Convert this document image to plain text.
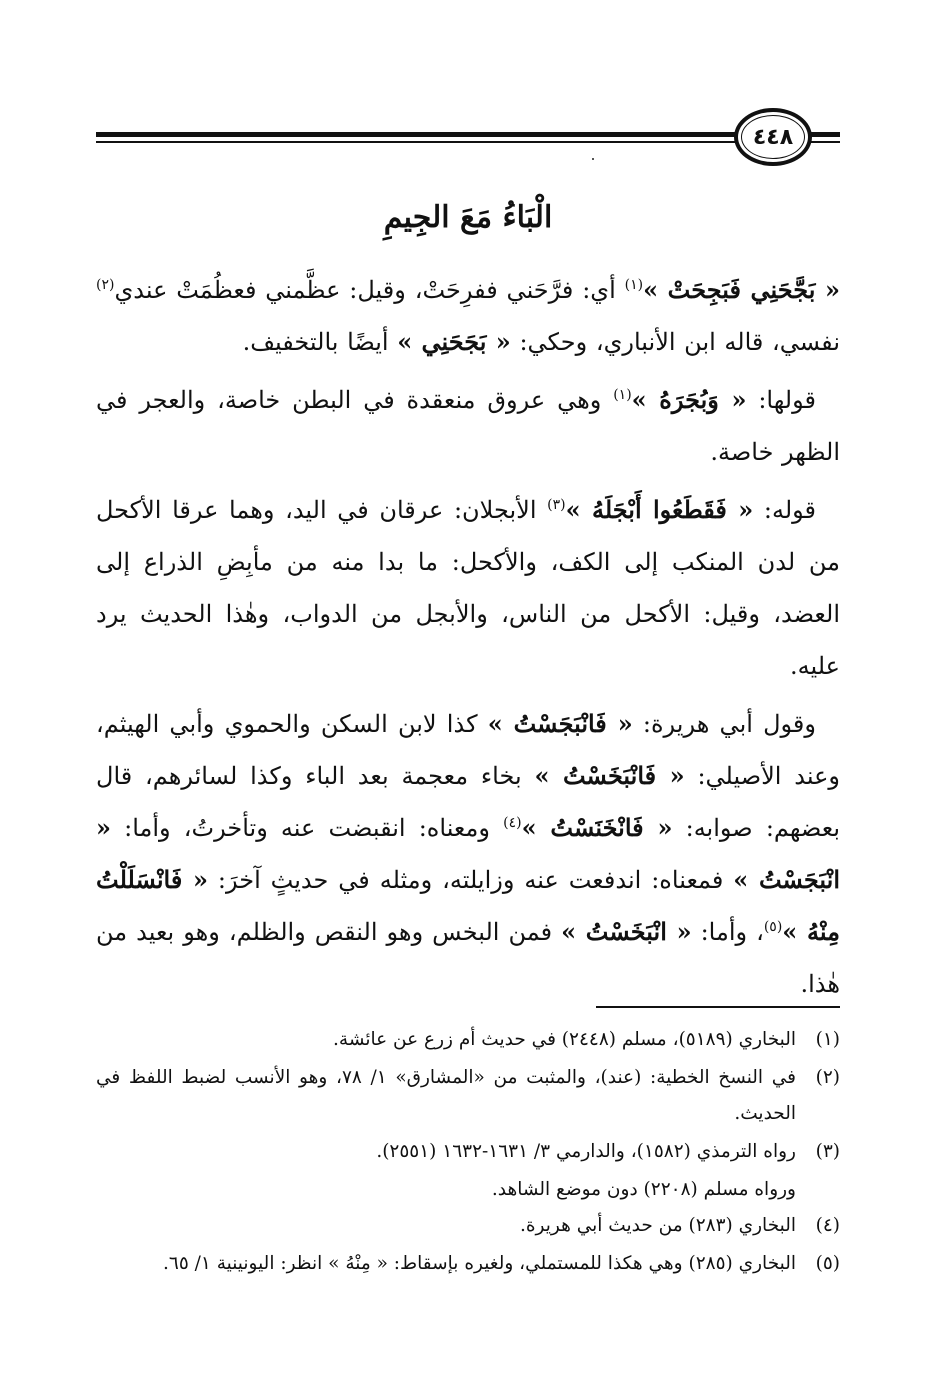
٤٤٨
الْبَاءُ مَعَ الجِيمِ

« بَجَّحَنِي فَبَجِحَتْ »$^{(١)}$ أي: فرَّحَني ففرِحَتْ، وقيل: عظَّمني فعظُمَتْ عندي$^{(٢)}$ نفسي، قاله ابن الأنباري، وحكي: « بَجَحَنِي » أيضًا بالتخفيف.

قولها: « وَبُجَرَهُ »$^{(١)}$ وهي عروق منعقدة في البطن خاصة، والعجر في الظهر خاصة.

قوله: « فَقَطَعُوا أَبْجَلَهُ »$^{(٣)}$ الأبجلان: عرقان في اليد، وهما عرقا الأكحل من لدن المنكب إلى الكف، والأكحل: ما بدا منه من مأبِضِ الذراع إلى العضد، وقيل: الأكحل من الناس، والأبجل من الدواب، وهٰذا الحديث يرد عليه.

وقول أبي هريرة: « فَانْبَجَسْتُ » كذا لابن السكن والحموي وأبي الهيثم، وعند الأصيلي: « فَانْبَخَسْتُ » بخاء معجمة بعد الباء وكذا لسائرهم، قال بعضهم: صوابه: « فَانْخَنَسْتُ »$^{(٤)}$ ومعناه: انقبضت عنه وتأخرتُ، وأما: « انْبَجَسْتُ » فمعناه: اندفعت عنه وزايلته، ومثله في حديثٍ آخرَ: « فَانْسَلَلْتُ مِنْهُ »$^{(٥)}$، وأما: « انْبَخَسْتُ » فمن البخس وهو النقص والظلم، وهو بعيد من هٰذا.

(١)
البخاري (٥١٨٩)، مسلم (٢٤٤٨) في حديث أم زرع عن عائشة.
(٢)
في النسخ الخطية: (عند)، والمثبت من «المشارق» ١/ ٧٨، وهو الأنسب لضبط اللفظ في الحديث.
(٣)
رواه الترمذي (١٥٨٢)، والدارمي ٣/ ١٦٣١-١٦٣٢ (٢٥٥١).
ورواه مسلم (٢٢٠٨) دون موضع الشاهد.
(٤)
البخاري (٢٨٣) من حديث أبي هريرة.
(٥)
البخاري (٢٨٥) وهي هكذا للمستملي، ولغيره بإسقاط: « مِنْهُ » انظر: اليونينية ١/ ٦٥.
